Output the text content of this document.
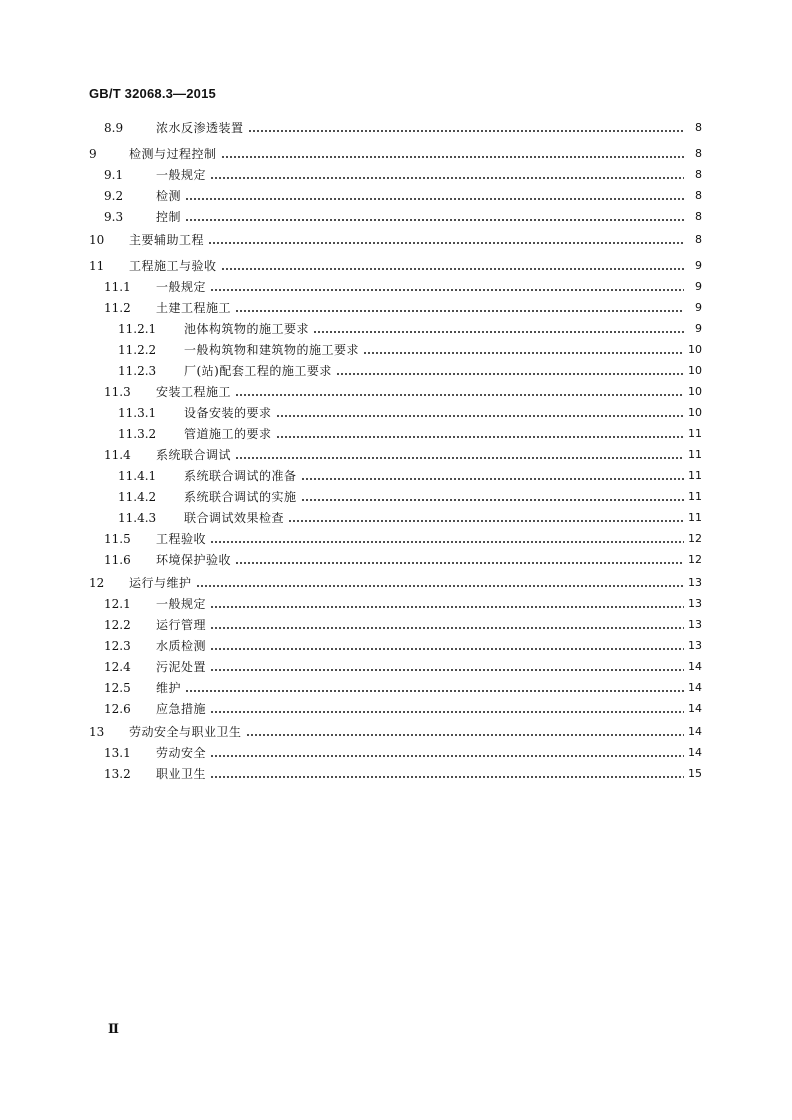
GB/T 32068.3—2015
8.9	浓水反渗透装置	8
9	检测与过程控制	8
9.1	一般规定	8
9.2	检测	8
9.3	控制	8
10	主要辅助工程	8
11	工程施工与验收	9
11.1	一般规定	9
11.2	土建工程施工	9
11.2.1	池体构筑物的施工要求	9
11.2.2	一般构筑物和建筑物的施工要求	10
11.2.3	厂(站)配套工程的施工要求	10
11.3	安装工程施工	10
11.3.1	设备安装的要求	10
11.3.2	管道施工的要求	11
11.4	系统联合调试	11
11.4.1	系统联合调试的准备	11
11.4.2	系统联合调试的实施	11
11.4.3	联合调试效果检查	11
11.5	工程验收	12
11.6	环境保护验收	12
12	运行与维护	13
12.1	一般规定	13
12.2	运行管理	13
12.3	水质检测	13
12.4	污泥处置	14
12.5	维护	14
12.6	应急措施	14
13	劳动安全与职业卫生	14
13.1	劳动安全	14
13.2	职业卫生	15
Ⅱ
